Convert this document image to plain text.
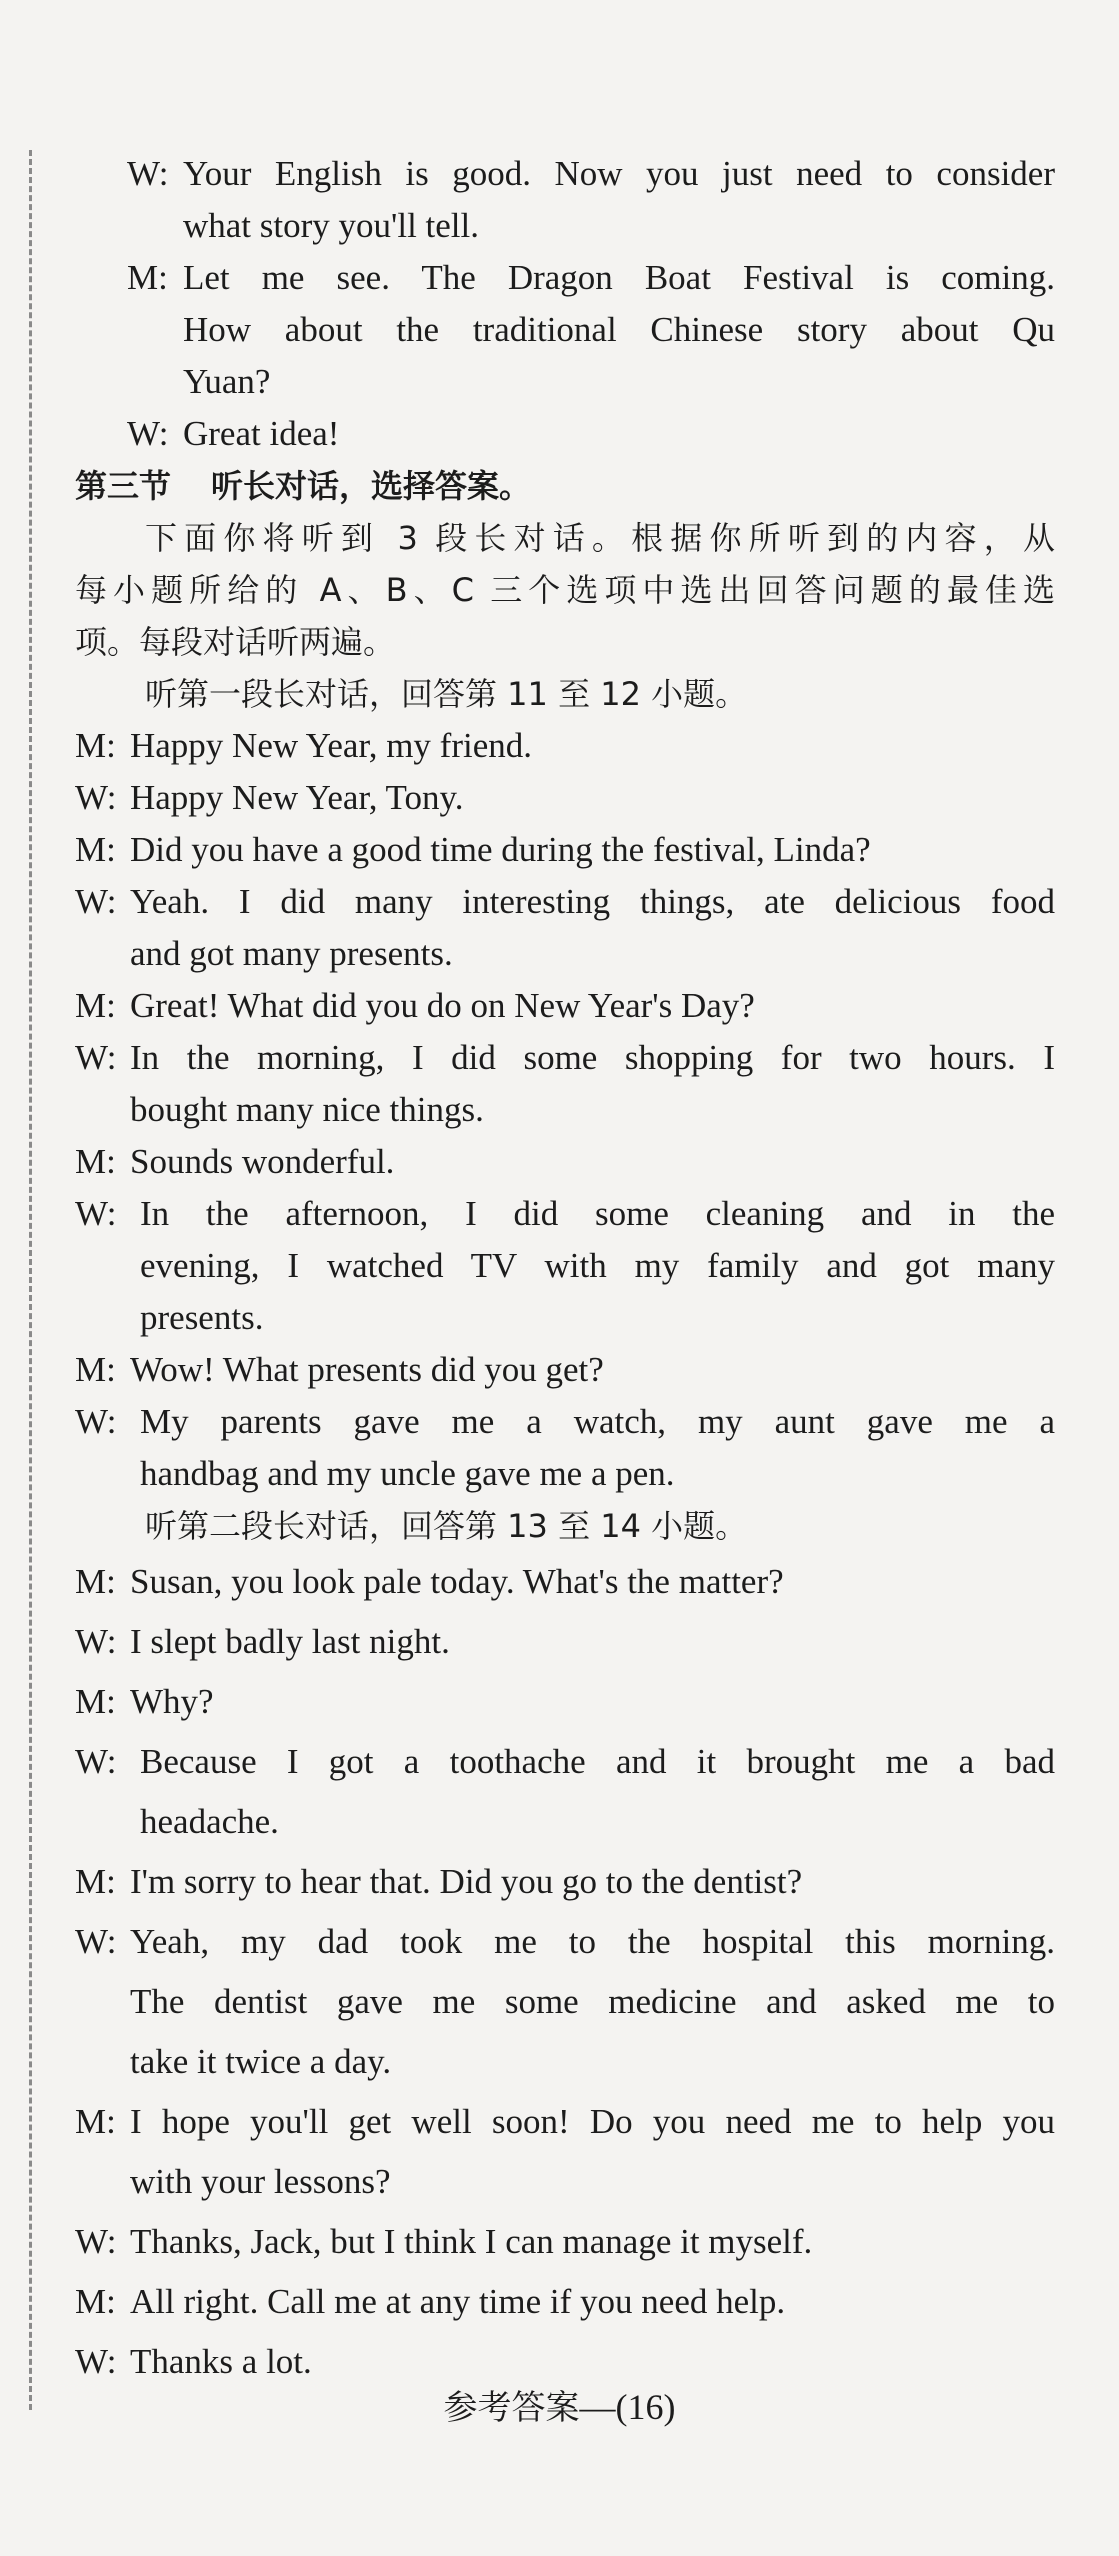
W: Your English is good. Now you just need to consider
what story you'll tell.
M: Let me see. The Dragon Boat Festival is coming.
How about the traditional Chinese story about Qu
Yuan?
W: Great idea!
第三节 听长对话，选择答案。
下面你将听到 3 段长对话。根据你所听到的内容，从
每小题所给的 A、B、C 三个选项中选出回答问题的最佳选
项。每段对话听两遍。
听第一段长对话，回答第 11 至 12 小题。
M: Happy New Year, my friend.
W: Happy New Year, Tony.
M: Did you have a good time during the festival, Linda?
W: Yeah. I did many interesting things, ate delicious food
and got many presents.
M: Great! What did you do on New Year's Day?
W: In the morning, I did some shopping for two hours. I
bought many nice things.
M: Sounds wonderful.
W: In the afternoon, I did some cleaning and in the
evening, I watched TV with my family and got many
presents.
M: Wow! What presents did you get?
W: My parents gave me a watch, my aunt gave me a
handbag and my uncle gave me a pen.
听第二段长对话，回答第 13 至 14 小题。
M: Susan, you look pale today. What's the matter?
W: I slept badly last night.
M: Why?
W: Because I got a toothache and it brought me a bad
headache.
M: I'm sorry to hear that. Did you go to the dentist?
W: Yeah, my dad took me to the hospital this morning.
The dentist gave me some medicine and asked me to
take it twice a day.
M: I hope you'll get well soon! Do you need me to help you
with your lessons?
W: Thanks, Jack, but I think I can manage it myself.
M: All right. Call me at any time if you need help.
W: Thanks a lot.
参考答案—(16)
